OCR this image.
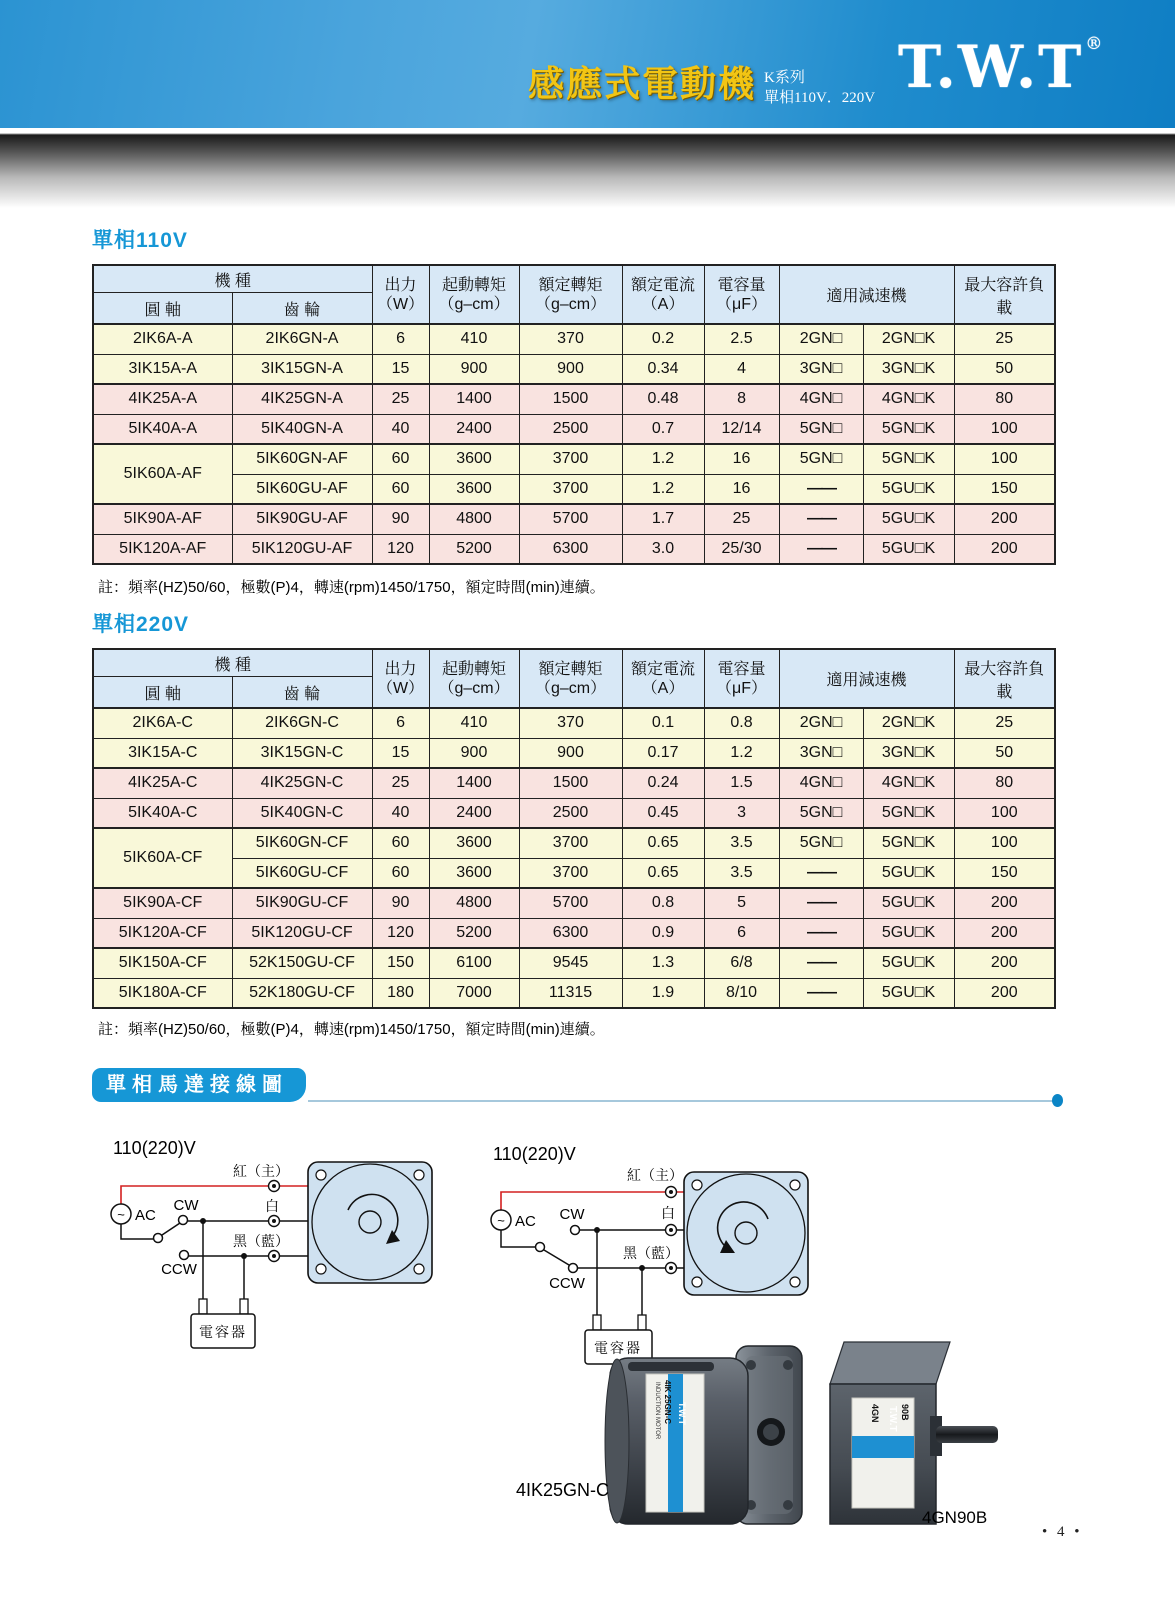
感應式電動機 K系列
單相110V．220V T.W.T ®
單相110V
機 種		出力
（W）	起動轉矩
（g–cm）	額定轉矩
（g–cm）	額定電流
（A）	電容量
（μF）	適用減速機		最大容許負載
圓 軸	齒 輪								
2IK6A-A	2IK6GN-A	6	410	370	0.2	2.5	2GN□	2GN□K	25
3IK15A-A	3IK15GN-A	15	900	900	0.34	4	3GN□	3GN□K	50
4IK25A-A	4IK25GN-A	25	1400	1500	0.48	8	4GN□	4GN□K	80
5IK40A-A	5IK40GN-A	40	2400	2500	0.7	12/14	5GN□	5GN□K	100
5IK60A-AF	5IK60GN-AF	60	3600	3700	1.2	16	5GN□	5GN□K	100
	5IK60GU-AF	60	3600	3700	1.2	16	——	5GU□K	150
5IK90A-AF	5IK90GU-AF	90	4800	5700	1.7	25	——	5GU□K	200
5IK120A-AF	5IK120GU-AF	120	5200	6300	3.0	25/30	——	5GU□K	200
註：頻率(HZ)50/60，極數(P)4，轉速(rpm)1450/1750，額定時間(min)連續。
單相220V
機 種		出力
（W）	起動轉矩
（g–cm）	額定轉矩
（g–cm）	額定電流
（A）	電容量
（μF）	適用減速機		最大容許負載
圓 軸	齒 輪								
2IK6A-C	2IK6GN-C	6	410	370	0.1	0.8	2GN□	2GN□K	25
3IK15A-C	3IK15GN-C	15	900	900	0.17	1.2	3GN□	3GN□K	50
4IK25A-C	4IK25GN-C	25	1400	1500	0.24	1.5	4GN□	4GN□K	80
5IK40A-C	5IK40GN-C	40	2400	2500	0.45	3	5GN□	5GN□K	100
5IK60A-CF	5IK60GN-CF	60	3600	3700	0.65	3.5	5GN□	5GN□K	100
	5IK60GU-CF	60	3600	3700	0.65	3.5	——	5GU□K	150
5IK90A-CF	5IK90GU-CF	90	4800	5700	0.8	5	——	5GU□K	200
5IK120A-CF	5IK120GU-CF	120	5200	6300	0.9	6	——	5GU□K	200
5IK150A-CF	52K150GU-CF	150	6100	9545	1.3	6/8	——	5GU□K	200
5IK180A-CF	52K180GU-CF	180	7000	11315	1.9	8/10	——	5GU□K	200
註：頻率(HZ)50/60，極數(P)4，轉速(rpm)1450/1750，額定時間(min)連續。
單相馬達接線圖
110(220)V
~ AC
CW
CCW
紅（主）
白
黑（藍）
電容器
110(220)V
~ AC CW
CCW
紅（主）
白
黑（藍）
電容器
INDUCTION MOTOR 4IK 25GN-C T.W.T	4GN 90B
T.W.T
4IK25GN-C
4GN90B
• 4 •
